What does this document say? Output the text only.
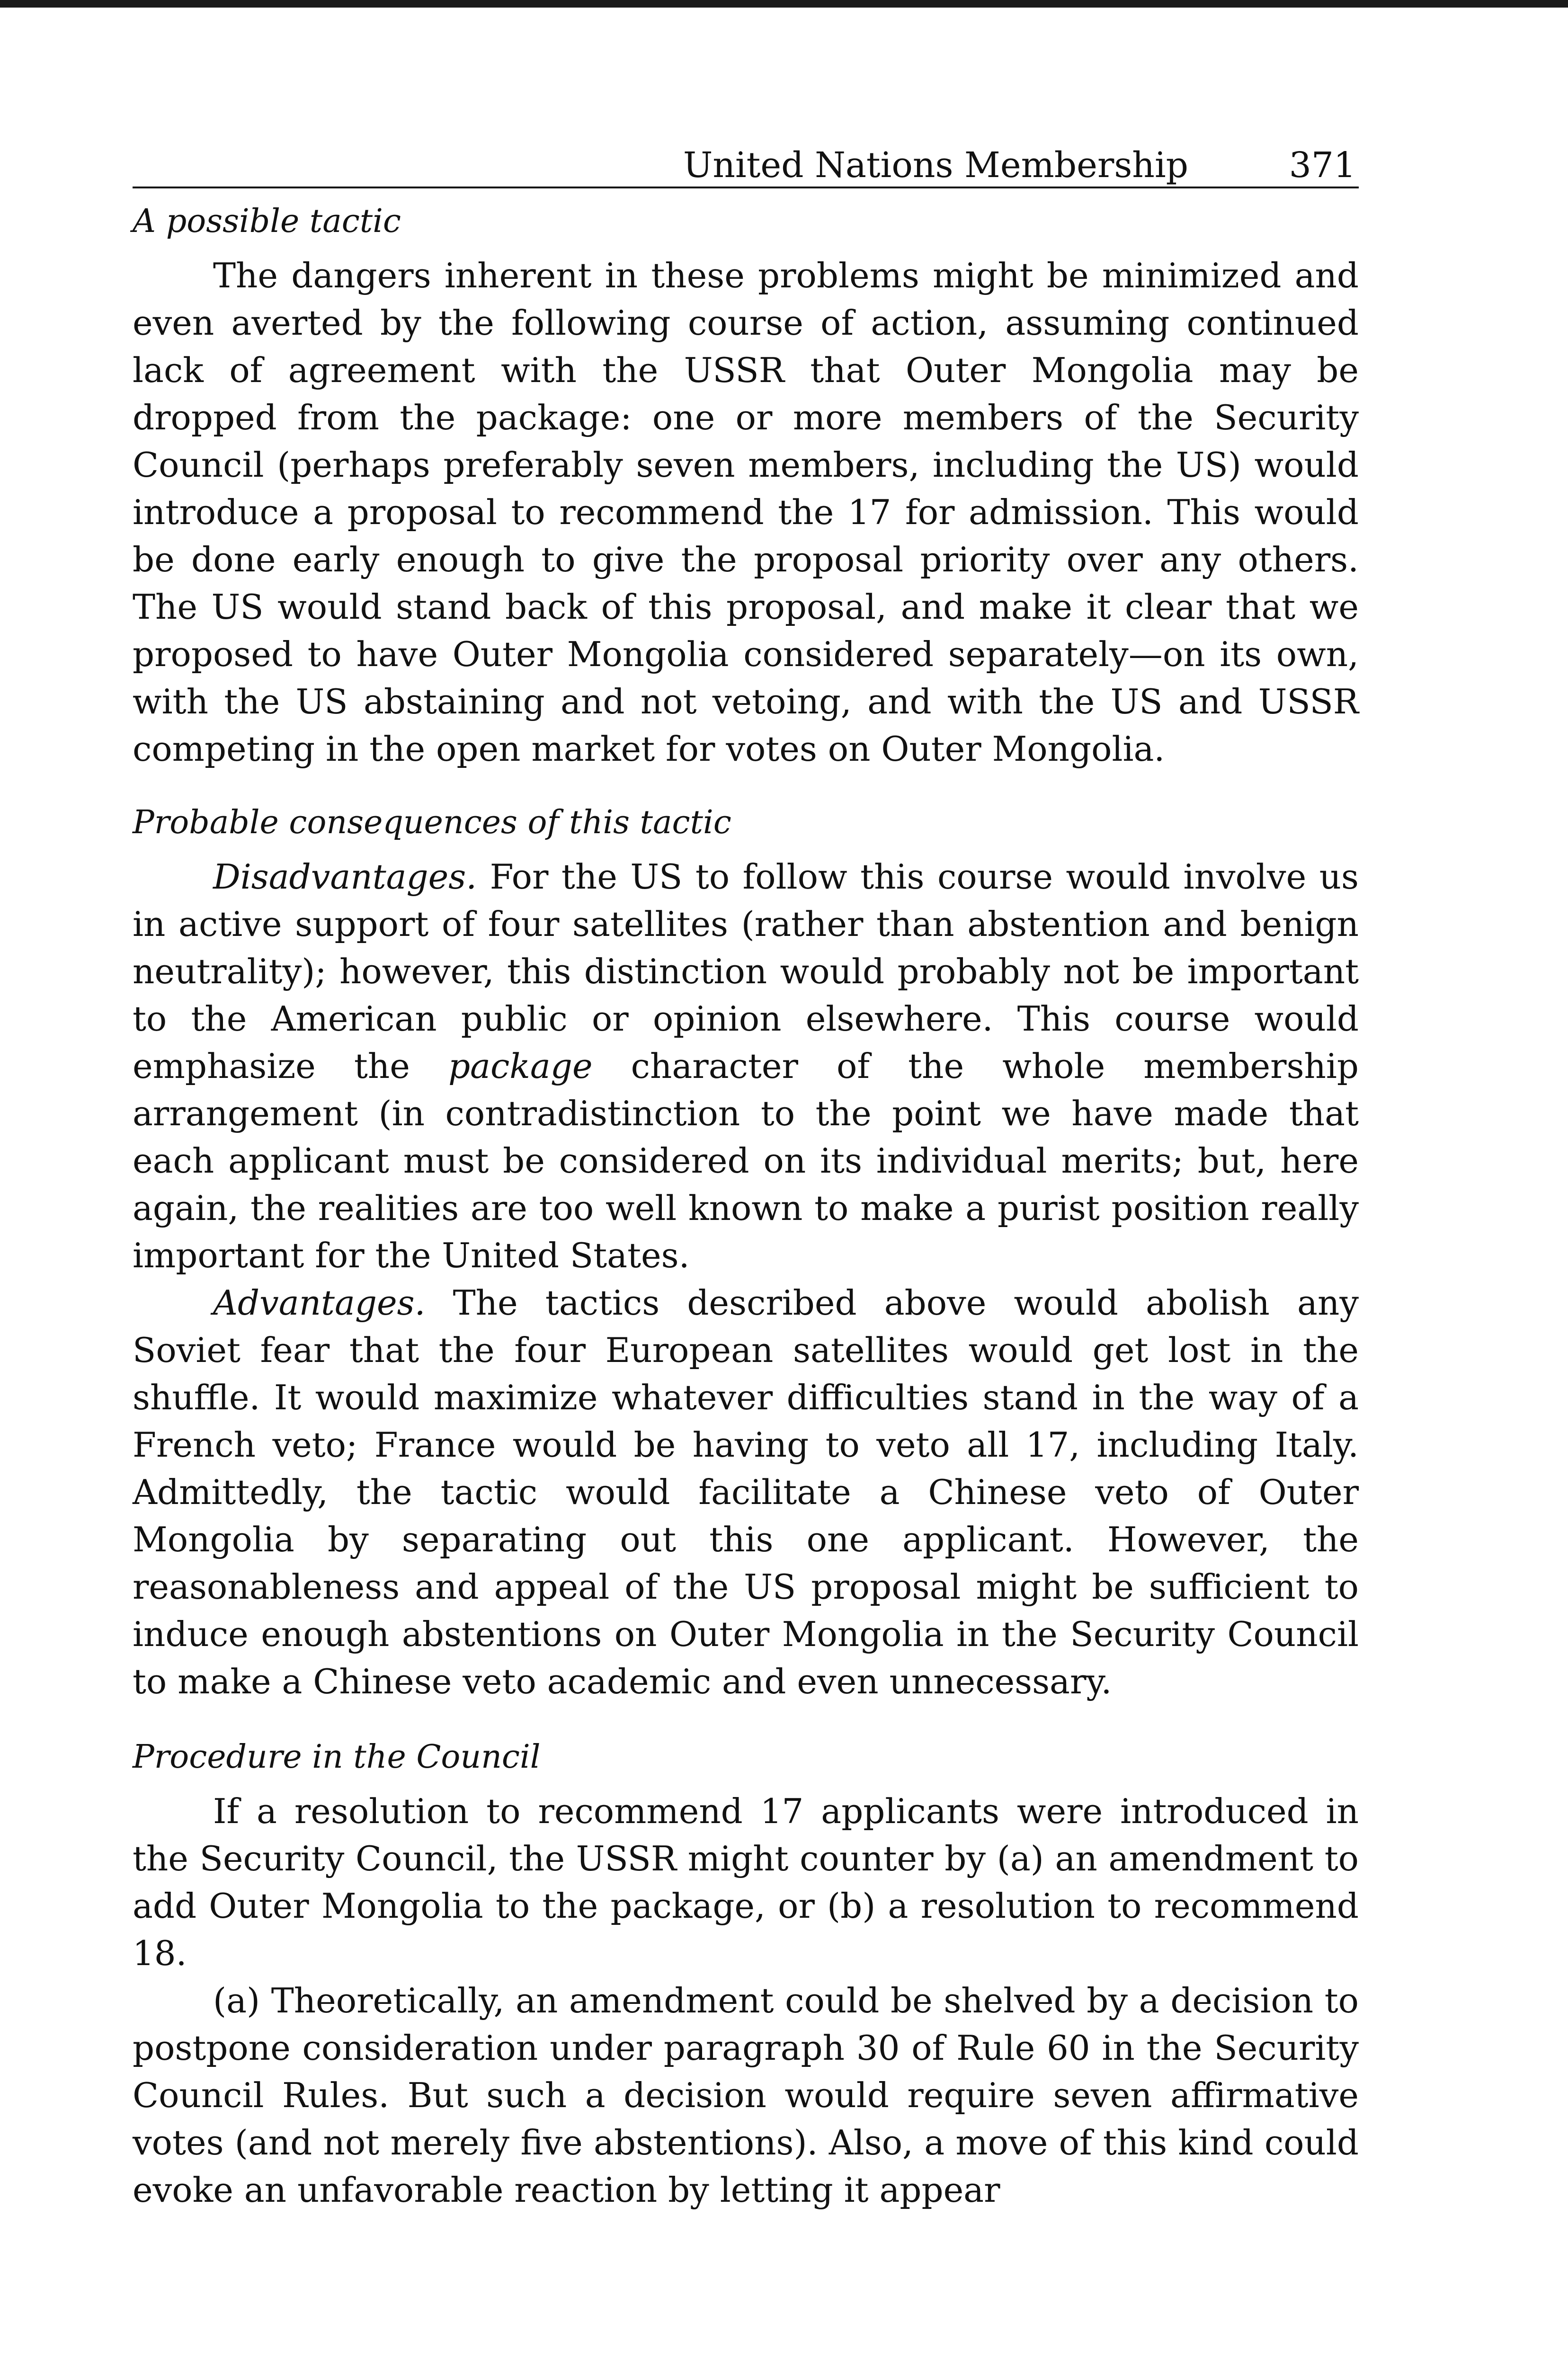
United Nations Membership	371
A possible tactic

The dangers inherent in these problems might be minimized and even averted by the following course of action, assuming continued lack of agreement with the USSR that Outer Mongolia may be dropped from the package: one or more members of the Security Council (perhaps preferably seven members, including the US) would introduce a proposal to recommend the 17 for admission. This would be done early enough to give the proposal priority over any others. The US would stand back of this proposal, and make it clear that we proposed to have Outer Mongolia considered separately—on its own, with the US abstaining and not vetoing, and with the US and USSR competing in the open market for votes on Outer Mongolia.

Probable consequences of this tactic

Disadvantages. For the US to follow this course would involve us in active support of four satellites (rather than abstention and benign neutrality); however, this distinction would probably not be important to the American public or opinion elsewhere. This course would emphasize the package character of the whole membership arrangement (in contradistinction to the point we have made that each applicant must be considered on its individual merits; but, here again, the realities are too well known to make a purist position really important for the United States.

Advantages. The tactics described above would abolish any Soviet fear that the four European satellites would get lost in the shuffle. It would maximize whatever difficulties stand in the way of a French veto; France would be having to veto all 17, including Italy. Admittedly, the tactic would facilitate a Chinese veto of Outer Mongolia by separating out this one applicant. However, the reasonableness and appeal of the US proposal might be sufficient to induce enough abstentions on Outer Mongolia in the Security Council to make a Chinese veto academic and even unnecessary.

Procedure in the Council

If a resolution to recommend 17 applicants were introduced in the Security Council, the USSR might counter by (a) an amendment to add Outer Mongolia to the package, or (b) a resolution to recommend 18.

(a) Theoretically, an amendment could be shelved by a decision to postpone consideration under paragraph 30 of Rule 60 in the Security Council Rules. But such a decision would require seven affirmative votes (and not merely five abstentions). Also, a move of this kind could evoke an unfavorable reaction by letting it appear
